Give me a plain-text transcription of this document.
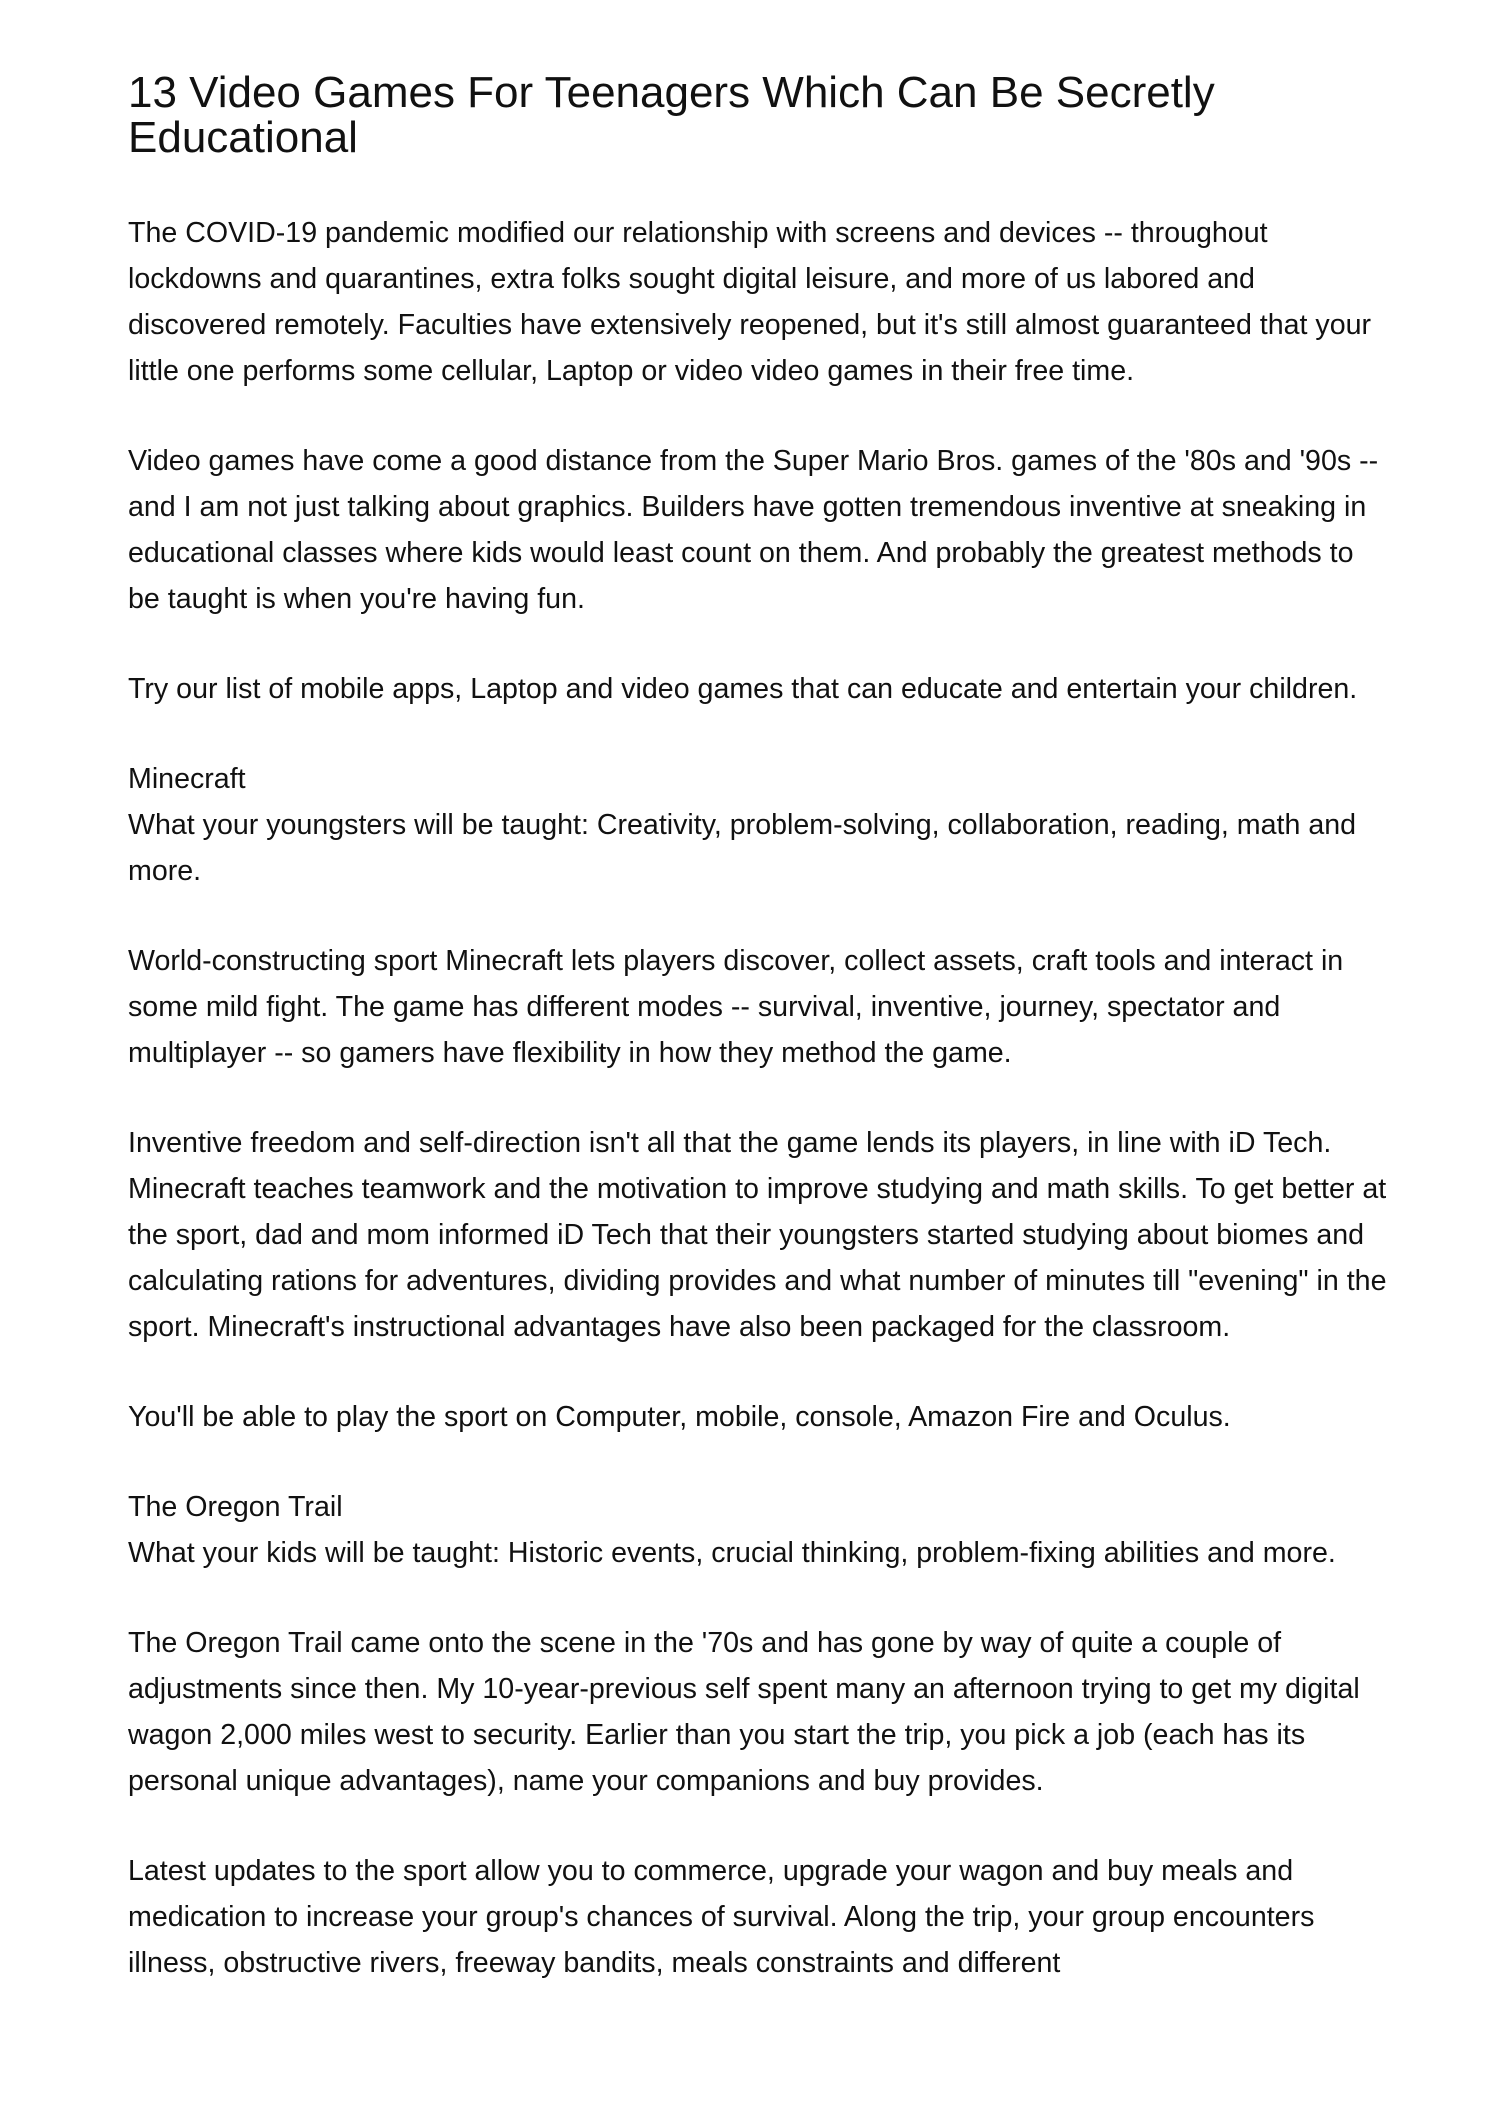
13 Video Games For Teenagers Which Can Be Secretly Educational

The COVID-19 pandemic modified our relationship with screens and devices -- throughout lockdowns and quarantines, extra folks sought digital leisure, and more of us labored and discovered remotely. Faculties have extensively reopened, but it's still almost guaranteed that your little one performs some cellular, Laptop or video video games in their free time.

Video games have come a good distance from the Super Mario Bros. games of the '80s and '90s -- and I am not just talking about graphics. Builders have gotten tremendous inventive at sneaking in educational classes where kids would least count on them. And probably the greatest methods to be taught is when you're having fun.

Try our list of mobile apps, Laptop and video games that can educate and entertain your children.

Minecraft
What your youngsters will be taught: Creativity, problem-solving, collaboration, reading, math and more.

World-constructing sport Minecraft lets players discover, collect assets, craft tools and interact in some mild fight. The game has different modes -- survival, inventive, journey, spectator and multiplayer -- so gamers have flexibility in how they method the game.

Inventive freedom and self-direction isn't all that the game lends its players, in line with iD Tech. Minecraft teaches teamwork and the motivation to improve studying and math skills. To get better at the sport, dad and mom informed iD Tech that their youngsters started studying about biomes and calculating rations for adventures, dividing provides and what number of minutes till "evening" in the sport. Minecraft's instructional advantages have also been packaged for the classroom.

You'll be able to play the sport on Computer, mobile, console, Amazon Fire and Oculus.

The Oregon Trail
What your kids will be taught: Historic events, crucial thinking, problem-fixing abilities and more.

The Oregon Trail came onto the scene in the '70s and has gone by way of quite a couple of adjustments since then. My 10-year-previous self spent many an afternoon trying to get my digital wagon 2,000 miles west to security. Earlier than you start the trip, you pick a job (each has its personal unique advantages), name your companions and buy provides.

Latest updates to the sport allow you to commerce, upgrade your wagon and buy meals and medication to increase your group's chances of survival. Along the trip, your group encounters illness, obstructive rivers, freeway bandits, meals constraints and different
